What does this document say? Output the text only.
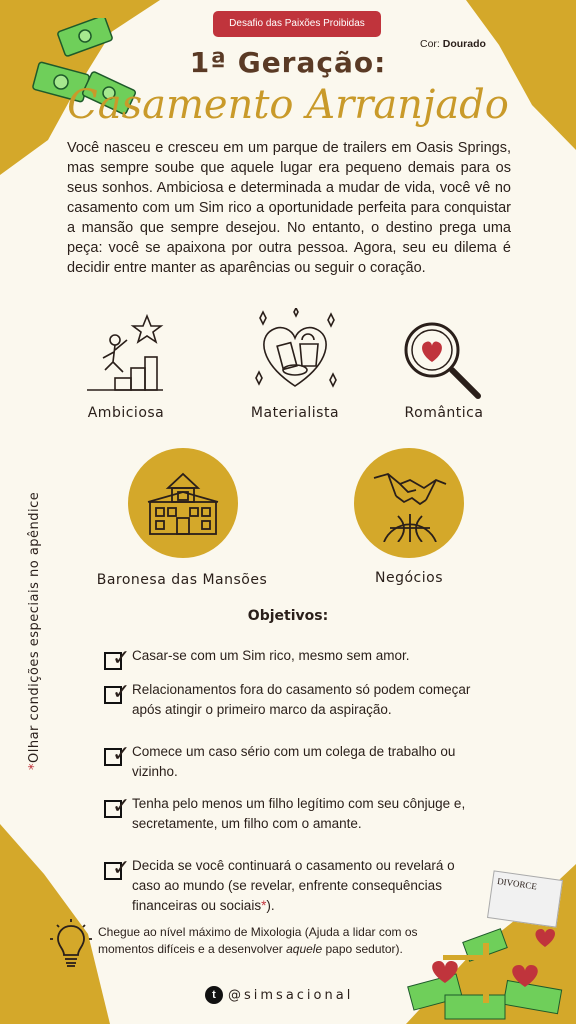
Desafio das Paixões Proibidas
Cor: Dourado
1ª Geração:
Casamento Arranjado

Você nasceu e cresceu em um parque de trailers em Oasis Springs, mas sempre soube que aquele lugar era pequeno demais para os seus sonhos. Ambiciosa e determinada a mudar de vida, você vê no casamento com um Sim rico a oportunidade perfeita para conquistar a mansão que sempre desejou. No entanto, o destino prega uma peça: você se apaixona por outra pessoa. Agora, seu eu dilema é decidir entre manter as aparências ou seguir o coração.

Ambiciosa	Materialista	Romântica
Baronesa das Mansões	Negócios
*Olhar condições especiais no apêndice	Objetivos:
✓ Casar-se com um Sim rico, mesmo sem amor.
✓ Relacionamentos fora do casamento só podem começar após atingir o primeiro marco da aspiração.
✓ Comece um caso sério com um colega de trabalho ou vizinho.
✓ Tenha pelo menos um filho legítimo com seu cônjuge e, secretamente, um filho com o amante.
✓ Decida se você continuará o casamento ou revelará o caso ao mundo (se revelar, enfrente consequências financeiras ou sociais*).
Chegue ao nível máximo de Mixologia (Ajuda a lidar com os momentos difíceis e a desenvolver aquele papo sedutor).
t @simsacional
DIVORCE
